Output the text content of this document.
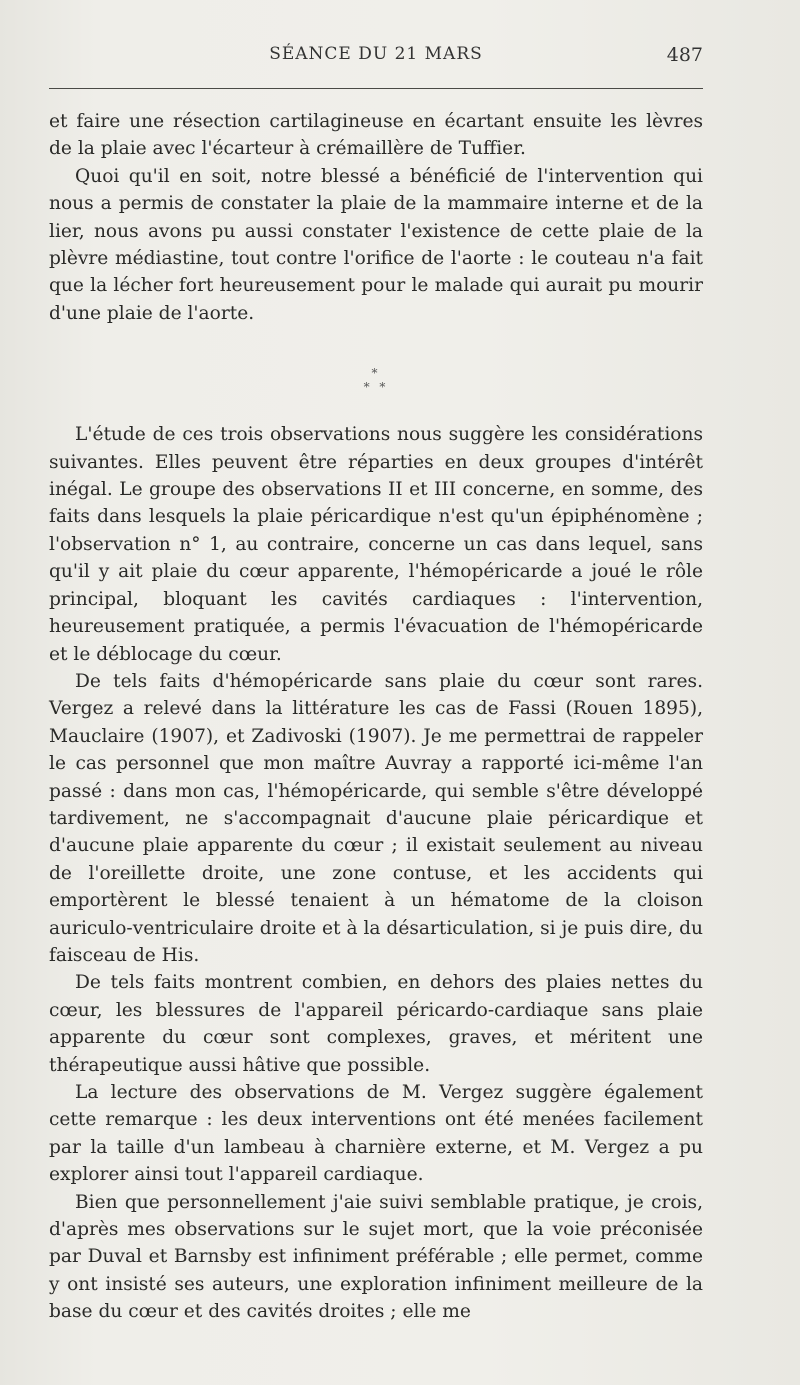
SÉANCE DU 21 MARS	487

et faire une résection cartilagineuse en écartant ensuite les lèvres de la plaie avec l'écarteur à crémaillère de Tuffier.

Quoi qu'il en soit, notre blessé a bénéficié de l'intervention qui nous a permis de constater la plaie de la mammaire interne et de la lier, nous avons pu aussi constater l'existence de cette plaie de la plèvre médiastine, tout contre l'orifice de l'aorte : le couteau n'a fait que la lécher fort heureusement pour le malade qui aurait pu mourir d'une plaie de l'aorte.

*
* *

L'étude de ces trois observations nous suggère les considérations suivantes. Elles peuvent être réparties en deux groupes d'intérêt inégal. Le groupe des observations II et III concerne, en somme, des faits dans lesquels la plaie péricardique n'est qu'un épiphénomène ; l'observation n° 1, au contraire, concerne un cas dans lequel, sans qu'il y ait plaie du cœur apparente, l'hémopéricarde a joué le rôle principal, bloquant les cavités cardiaques : l'intervention, heureusement pratiquée, a permis l'évacuation de l'hémopéricarde et le déblocage du cœur.

De tels faits d'hémopéricarde sans plaie du cœur sont rares. Vergez a relevé dans la littérature les cas de Fassi (Rouen 1895), Mauclaire (1907), et Zadivoski (1907). Je me permettrai de rappeler le cas personnel que mon maître Auvray a rapporté ici-même l'an passé : dans mon cas, l'hémopéricarde, qui semble s'être développé tardivement, ne s'accompagnait d'aucune plaie péricardique et d'aucune plaie apparente du cœur ; il existait seulement au niveau de l'oreillette droite, une zone contuse, et les accidents qui emportèrent le blessé tenaient à un hématome de la cloison auriculo-ventriculaire droite et à la désarticulation, si je puis dire, du faisceau de His.

De tels faits montrent combien, en dehors des plaies nettes du cœur, les blessures de l'appareil péricardo-cardiaque sans plaie apparente du cœur sont complexes, graves, et méritent une thérapeutique aussi hâtive que possible.

La lecture des observations de M. Vergez suggère également cette remarque : les deux interventions ont été menées facilement par la taille d'un lambeau à charnière externe, et M. Vergez a pu explorer ainsi tout l'appareil cardiaque.

Bien que personnellement j'aie suivi semblable pratique, je crois, d'après mes observations sur le sujet mort, que la voie préconisée par Duval et Barnsby est infiniment préférable ; elle permet, comme y ont insisté ses auteurs, une exploration infiniment meilleure de la base du cœur et des cavités droites ; elle me
